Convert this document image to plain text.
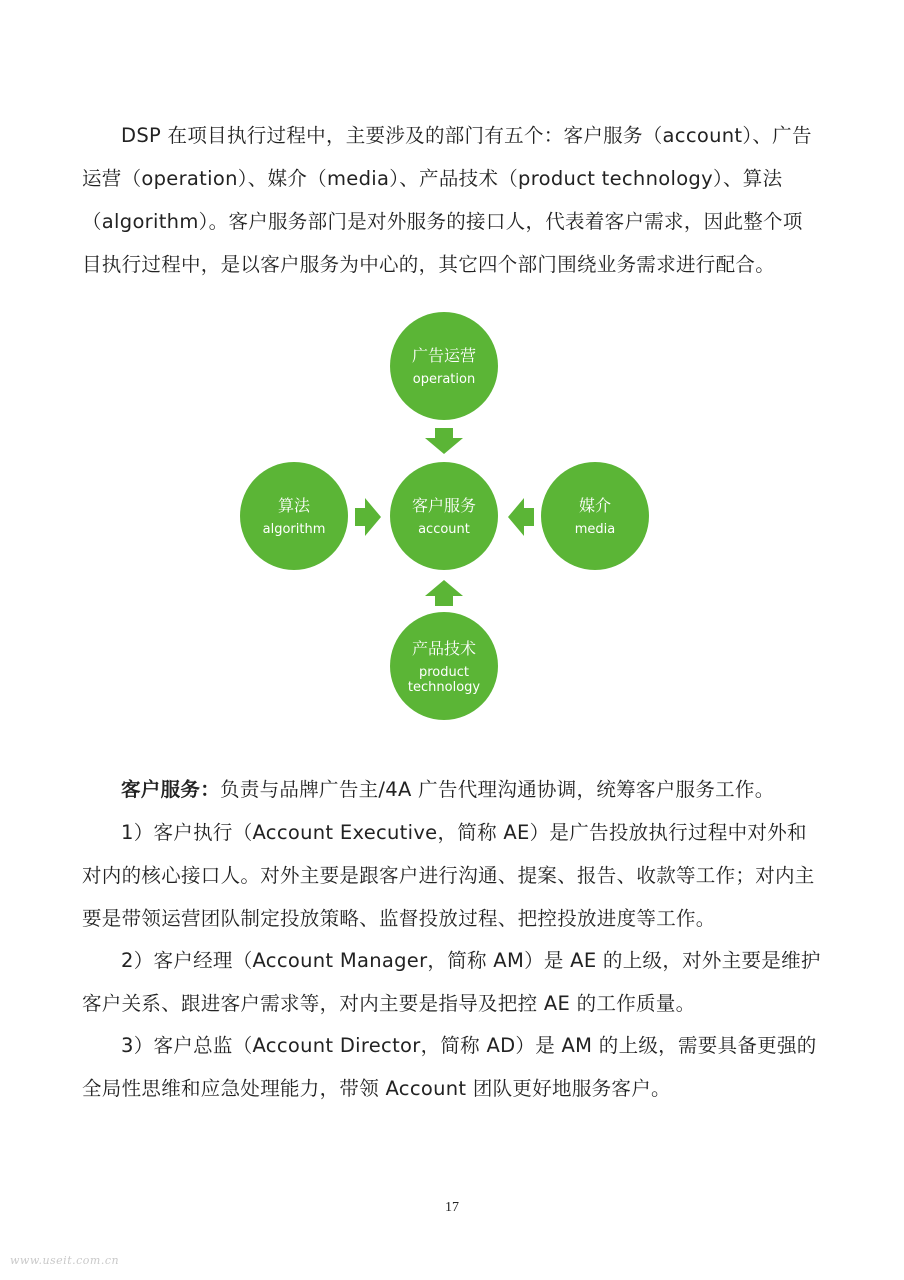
DSP 在项目执行过程中，主要涉及的部门有五个：客户服务（account）、广告运营（operation）、媒介（media）、产品技术（product technology）、算法（algorithm）。客户服务部门是对外服务的接口人，代表着客户需求，因此整个项目执行过程中，是以客户服务为中心的，其它四个部门围绕业务需求进行配合。

广告运营
operation
算法
algorithm
客户服务
account
媒介
media
产品技术
product technology

客户服务：负责与品牌广告主/4A 广告代理沟通协调，统筹客户服务工作。

1）客户执行（Account Executive，简称 AE）是广告投放执行过程中对外和对内的核心接口人。对外主要是跟客户进行沟通、提案、报告、收款等工作；对内主要是带领运营团队制定投放策略、监督投放过程、把控投放进度等工作。

2）客户经理（Account Manager，简称 AM）是 AE 的上级，对外主要是维护客户关系、跟进客户需求等，对内主要是指导及把控 AE 的工作质量。

3）客户总监（Account Director，简称 AD）是 AM 的上级，需要具备更强的全局性思维和应急处理能力，带领 Account 团队更好地服务客户。

17
www.useit.com.cn
